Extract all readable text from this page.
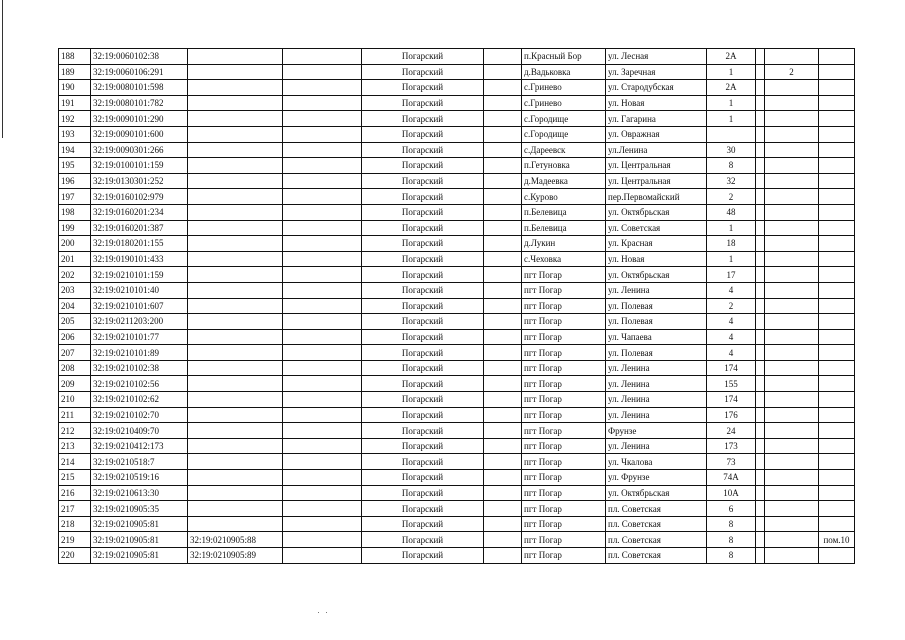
188	32:19:0060102:38			Погарский		п.Красный Бор	ул. Лесная	2А			
189	32:19:0060106:291			Погарский		д.Вадьковка	ул. Заречная	1		2	
190	32:19:0080101:598			Погарский		с.Гринево	ул. Стародубская	2А			
191	32:19:0080101:782			Погарский		с.Гринево	ул. Новая	1			
192	32:19:0090101:290			Погарский		с.Городище	ул. Гагарина	1			
193	32:19:0090101:600			Погарский		с.Городище	ул. Овражная				
194	32:19:0090301:266			Погарский		с.Дареевск	ул.Ленина	30			
195	32:19:0100101:159			Погарский		п.Гетуновка	ул. Центральная	8			
196	32:19:0130301:252			Погарский		д.Мадеевка	ул. Центральная	32			
197	32:19:0160102:979			Погарский		с.Курово	пер.Первомайский	2			
198	32:19:0160201:234			Погарский		п.Белевица	ул. Октябрьская	48			
199	32:19:0160201:387			Погарский		п.Белевица	ул. Советская	1			
200	32:19:0180201:155			Погарский		д.Лукин	ул. Красная	18			
201	32:19:0190101:433			Погарский		с.Чеховка	ул. Новая	1			
202	32:19:0210101:159			Погарский		пгт Погар	ул. Октябрьская	17			
203	32:19:0210101:40			Погарский		пгт Погар	ул. Ленина	4			
204	32:19:0210101:607			Погарский		пгт Погар	ул. Полевая	2			
205	32:19:0211203:200			Погарский		пгт Погар	ул. Полевая	4			
206	32:19:0210101:77			Погарский		пгт Погар	ул. Чапаева	4			
207	32:19:0210101:89			Погарский		пгт Погар	ул. Полевая	4			
208	32:19:0210102:38			Погарский		пгт Погар	ул. Ленина	174			
209	32:19:0210102:56			Погарский		пгт Погар	ул. Ленина	155			
210	32:19:0210102:62			Погарский		пгт Погар	ул. Ленина	174			
211	32:19:0210102:70			Погарский		пгт Погар	ул. Ленина	176			
212	32:19:0210409:70			Погарский		пгт Погар	Фрунзе	24			
213	32:19:0210412:173			Погарский		пгт Погар	ул. Ленина	173			
214	32:19:0210518:7			Погарский		пгт Погар	ул. Чкалова	73			
215	32:19:0210519:16			Погарский		пгт Погар	ул. Фрунзе	74А			
216	32:19:0210613:30			Погарский		пгт Погар	ул. Октябрьская	10А			
217	32:19:0210905:35			Погарский		пгт Погар	пл. Советская	6			
218	32:19:0210905:81			Погарский		пгт Погар	пл. Советская	8			
219	32:19:0210905:81	32:19:0210905:88		Погарский		пгт Погар	пл. Советская	8			пом.10
220	32:19:0210905:81	32:19:0210905:89		Погарский		пгт Погар	пл. Советская	8			
